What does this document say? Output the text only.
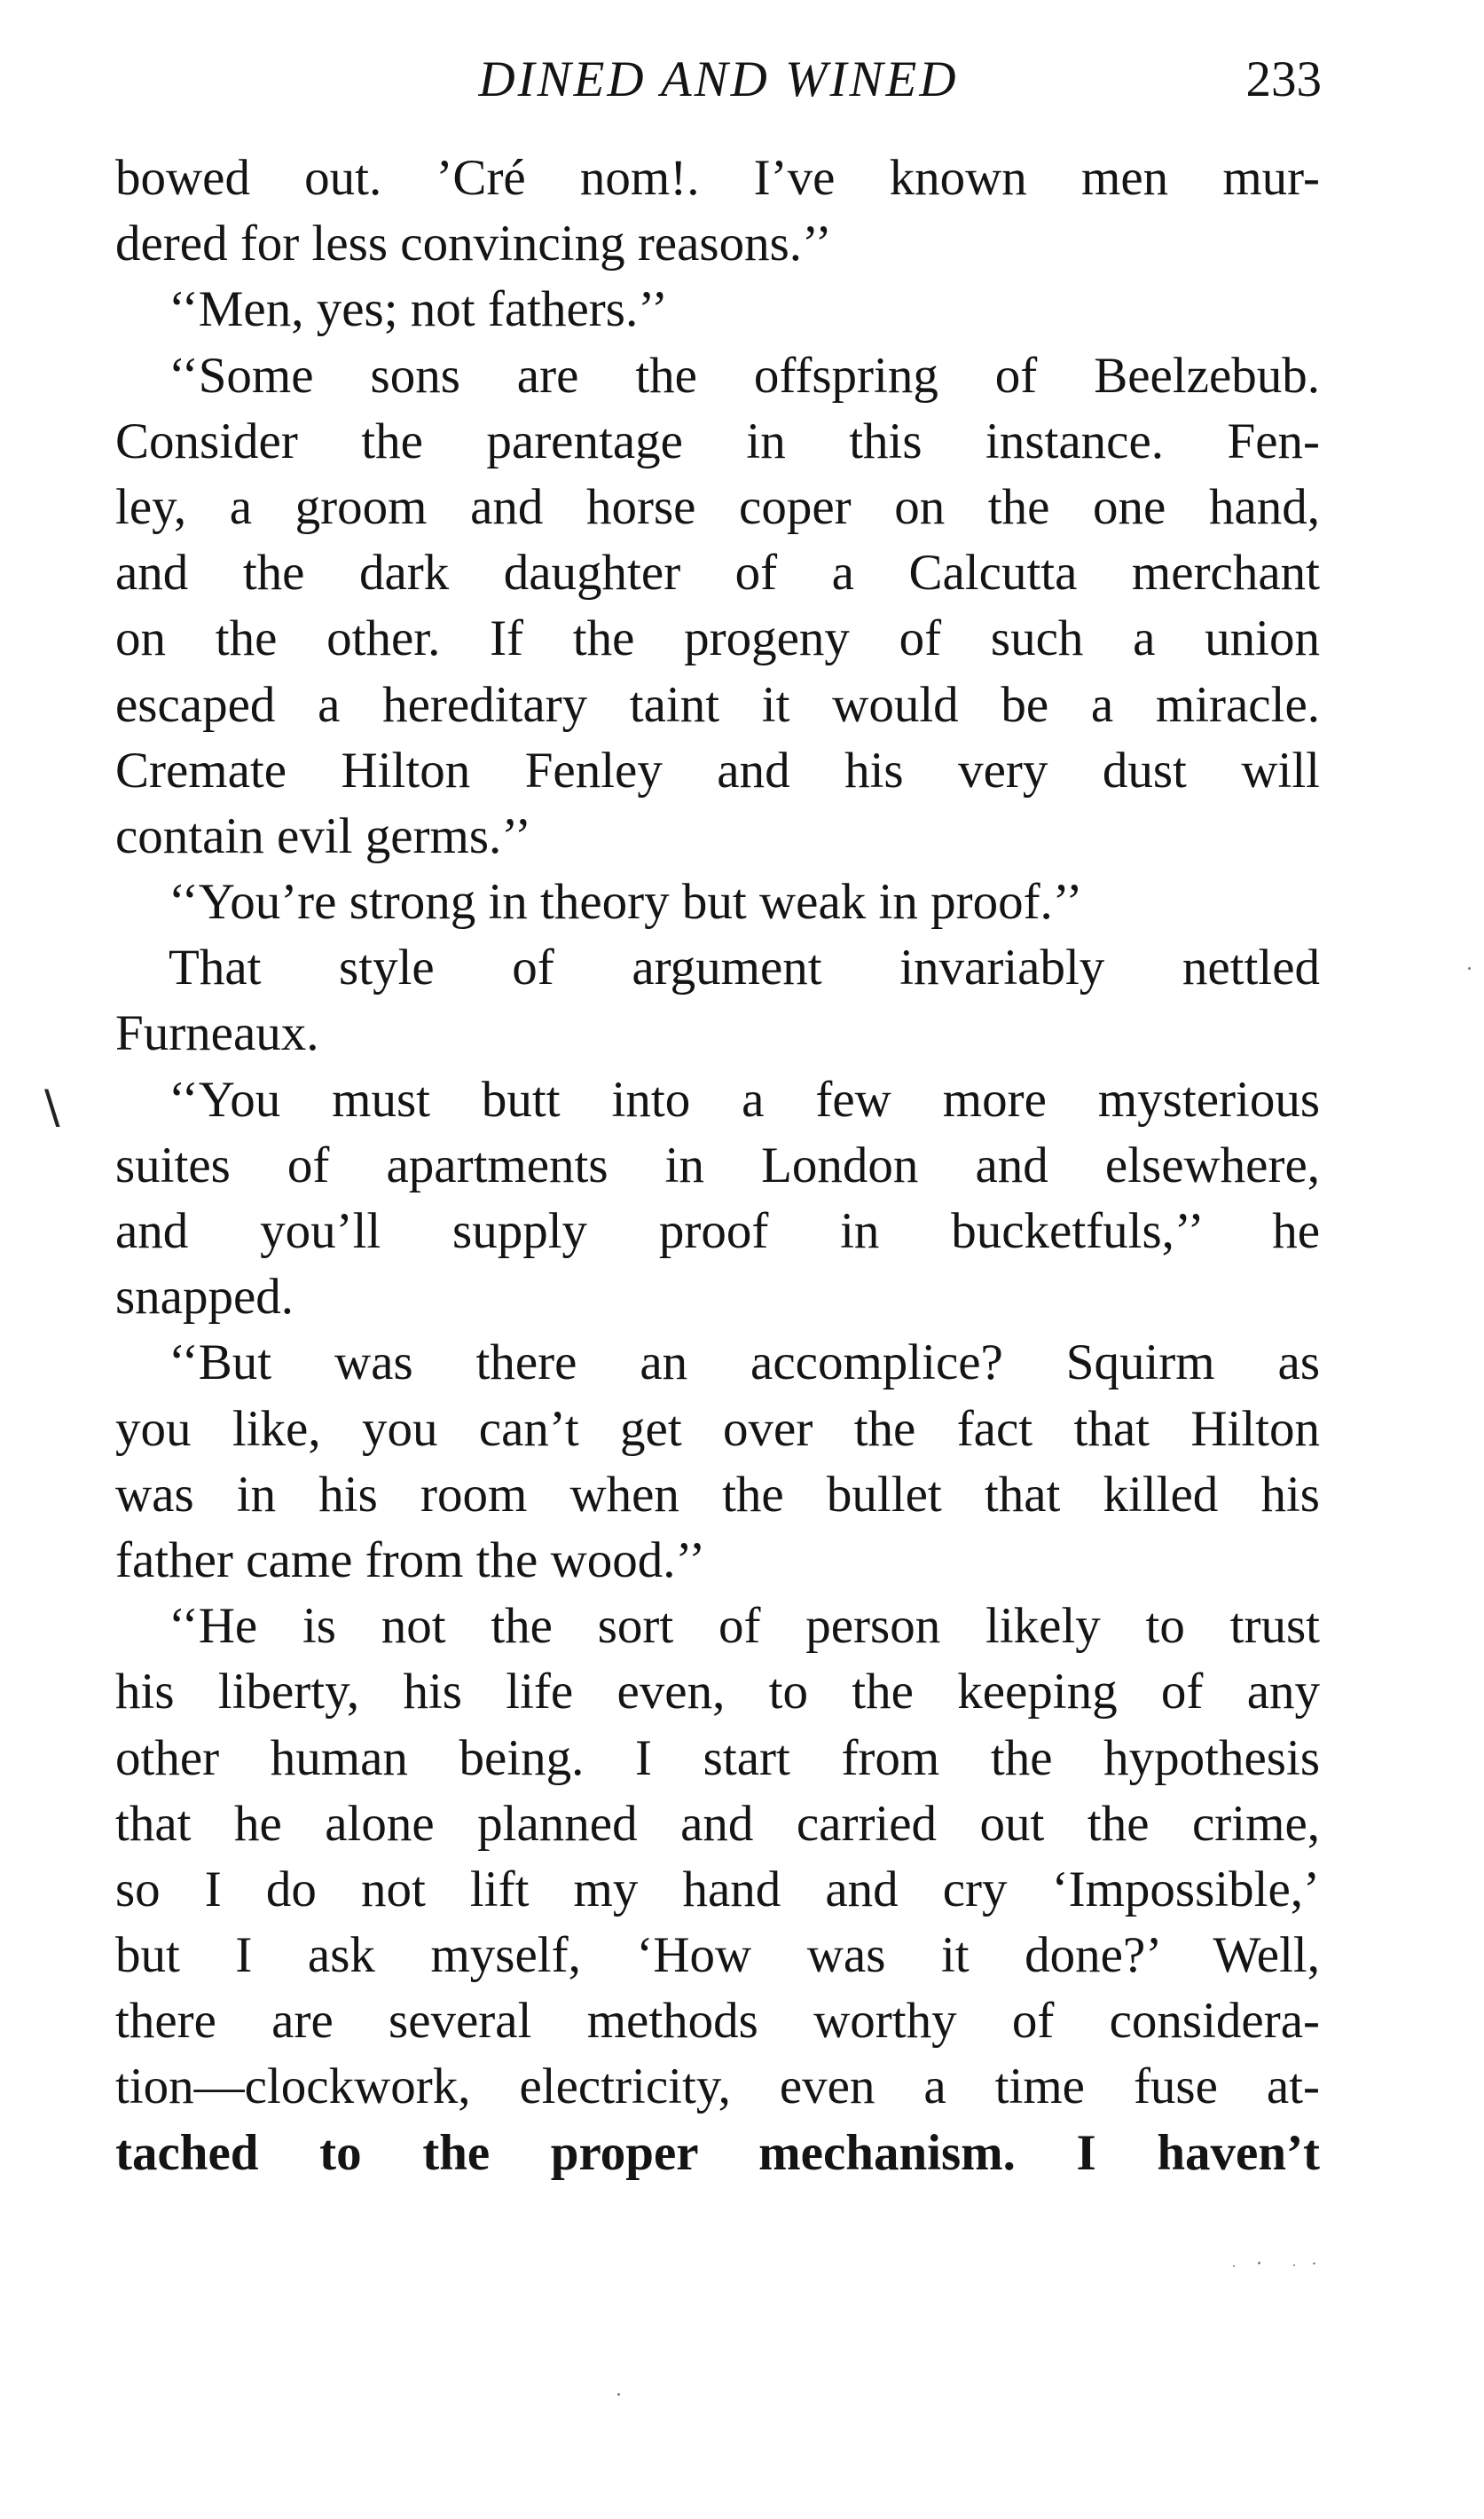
DINED AND WINED	233
\
bowed out. ’Cré nom!. I’ve known men mur-
dered for less convincing reasons.’’
‘‘Men, yes; not fathers.’’
‘‘Some sons are the offspring of Beelzebub.
Consider the parentage in this instance. Fen-
ley, a groom and horse coper on the one hand,
and the dark daughter of a Calcutta merchant
on the other. If the progeny of such a union
escaped a hereditary taint it would be a miracle.
Cremate Hilton Fenley and his very dust will
contain evil germs.’’
‘‘You’re strong in theory but weak in proof.’’
That style of argument invariably nettled
Furneaux.
‘‘You must butt into a few more mysterious
suites of apartments in London and elsewhere,
and you’ll supply proof in bucketfuls,’’ he
snapped.
‘‘But was there an accomplice? Squirm as
you like, you can’t get over the fact that Hilton
was in his room when the bullet that killed his
father came from the wood.’’
‘‘He is not the sort of person likely to trust
his liberty, his life even, to the keeping of any
other human being. I start from the hypothesis
that he alone planned and carried out the crime,
so I do not lift my hand and cry ‘Impossible,’
but I ask myself, ‘How was it done?’ Well,
there are several methods worthy of considera-
tion—clockwork, electricity, even a time fuse at-
tached to the proper mechanism. I haven’t
